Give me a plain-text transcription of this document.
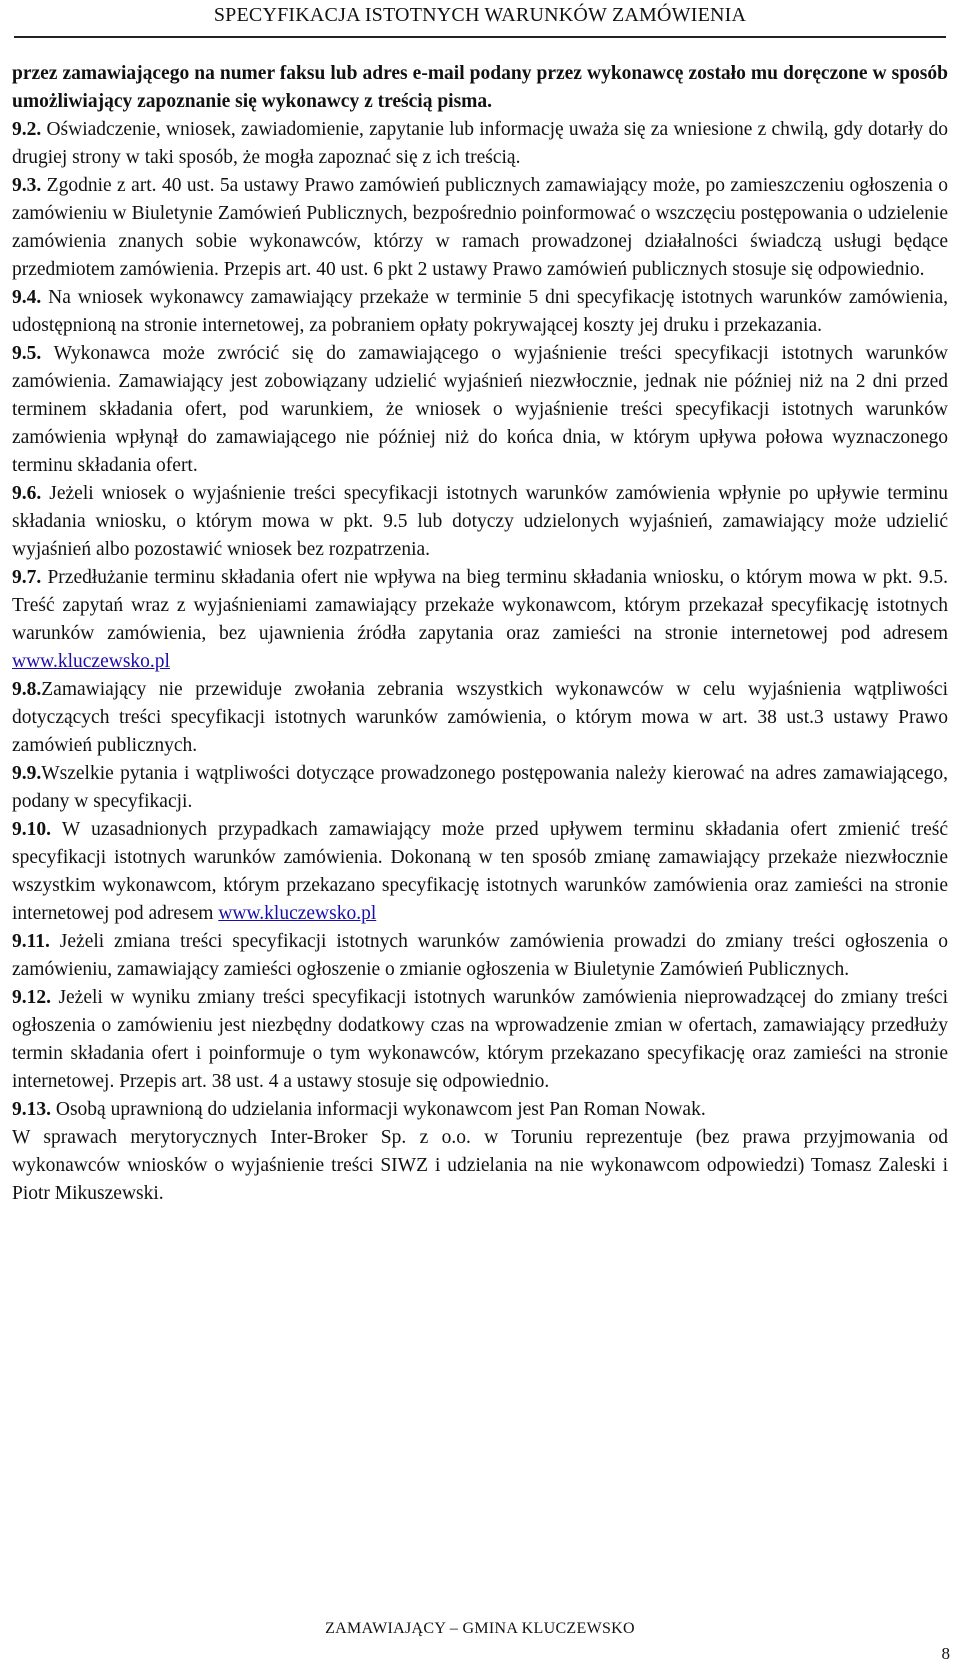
SPECYFIKACJA ISTOTNYCH WARUNKÓW ZAMÓWIENIA

przez zamawiającego na numer faksu lub adres e-mail podany przez wykonawcę zostało mu doręczone w sposób umożliwiający zapoznanie się wykonawcy z treścią pisma.

9.2. Oświadczenie, wniosek, zawiadomienie, zapytanie lub informację uważa się za wniesione z chwilą, gdy dotarły do drugiej strony w taki sposób, że mogła zapoznać się z ich treścią.

9.3. Zgodnie z art. 40 ust. 5a ustawy Prawo zamówień publicznych zamawiający może, po zamieszczeniu ogłoszenia o zamówieniu w Biuletynie Zamówień Publicznych, bezpośrednio poinformować o wszczęciu postępowania o udzielenie zamówienia znanych sobie wykonawców, którzy w ramach prowadzonej działalności świadczą usługi będące przedmiotem zamówienia. Przepis art. 40 ust. 6 pkt 2 ustawy Prawo zamówień publicznych stosuje się odpowiednio.

9.4. Na wniosek wykonawcy zamawiający przekaże w terminie 5 dni specyfikację istotnych warunków zamówienia, udostępnioną na stronie internetowej, za pobraniem opłaty pokrywającej koszty jej druku i przekazania.

9.5. Wykonawca może zwrócić się do zamawiającego o wyjaśnienie treści specyfikacji istotnych warunków zamówienia. Zamawiający jest zobowiązany udzielić wyjaśnień niezwłocznie, jednak nie później niż na 2 dni przed terminem składania ofert, pod warunkiem, że wniosek o wyjaśnienie treści specyfikacji istotnych warunków zamówienia wpłynął do zamawiającego nie później niż do końca dnia, w którym upływa połowa wyznaczonego terminu składania ofert.

9.6. Jeżeli wniosek o wyjaśnienie treści specyfikacji istotnych warunków zamówienia wpłynie po upływie terminu składania wniosku, o którym mowa w pkt. 9.5 lub dotyczy udzielonych wyjaśnień, zamawiający może udzielić wyjaśnień albo pozostawić wniosek bez rozpatrzenia.

9.7. Przedłużanie terminu składania ofert nie wpływa na bieg terminu składania wniosku, o którym mowa w pkt. 9.5. Treść zapytań wraz z wyjaśnieniami zamawiający przekaże wykonawcom, którym przekazał specyfikację istotnych warunków zamówienia, bez ujawnienia źródła zapytania oraz zamieści na stronie internetowej pod adresem www.kluczewsko.pl

9.8.Zamawiający nie przewiduje zwołania zebrania wszystkich wykonawców w celu wyjaśnienia wątpliwości dotyczących treści specyfikacji istotnych warunków zamówienia, o którym mowa w art. 38 ust.3 ustawy Prawo zamówień publicznych.

9.9.Wszelkie pytania i wątpliwości dotyczące prowadzonego postępowania należy kierować na adres zamawiającego, podany w specyfikacji.

9.10. W uzasadnionych przypadkach zamawiający może przed upływem terminu składania ofert zmienić treść specyfikacji istotnych warunków zamówienia. Dokonaną w ten sposób zmianę zamawiający przekaże niezwłocznie wszystkim wykonawcom, którym przekazano specyfikację istotnych warunków zamówienia oraz zamieści na stronie internetowej pod adresem www.kluczewsko.pl

9.11. Jeżeli zmiana treści specyfikacji istotnych warunków zamówienia prowadzi do zmiany treści ogłoszenia o zamówieniu, zamawiający zamieści ogłoszenie o zmianie ogłoszenia w Biuletynie Zamówień Publicznych.

9.12. Jeżeli w wyniku zmiany treści specyfikacji istotnych warunków zamówienia nieprowadzącej do zmiany treści ogłoszenia o zamówieniu jest niezbędny dodatkowy czas na wprowadzenie zmian w ofertach, zamawiający przedłuży termin składania ofert i poinformuje o tym wykonawców, którym przekazano specyfikację oraz zamieści na stronie internetowej. Przepis art. 38 ust. 4 a ustawy stosuje się odpowiednio.

9.13. Osobą uprawnioną do udzielania informacji wykonawcom jest Pan Roman Nowak.

W sprawach merytorycznych Inter-Broker Sp. z o.o. w Toruniu reprezentuje (bez prawa przyjmowania od wykonawców wniosków o wyjaśnienie treści SIWZ i udzielania na nie wykonawcom odpowiedzi) Tomasz Zaleski i Piotr Mikuszewski.

ZAMAWIAJĄCY – GMINA KLUCZEWSKO
8
